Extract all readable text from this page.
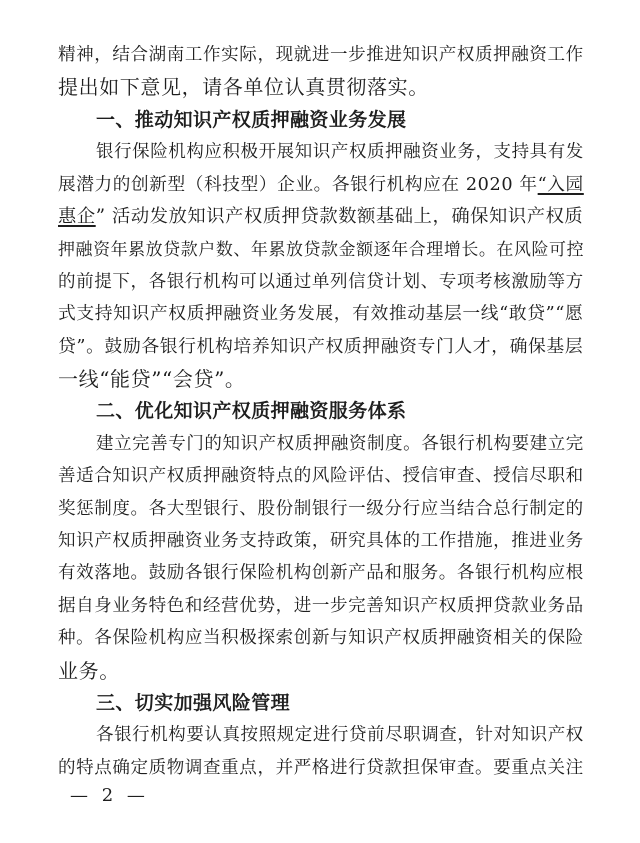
精神，结合湖南工作实际，现就进一步推进知识产权质押融资工作
提出如下意见，请各单位认真贯彻落实。
一、推动知识产权质押融资业务发展
银行保险机构应积极开展知识产权质押融资业务，支持具有发
展潜力的创新型（科技型）企业。各银行机构应在 2020 年“入园
惠企” 活动发放知识产权质押贷款数额基础上，确保知识产权质
押融资年累放贷款户数、年累放贷款金额逐年合理增长。在风险可控
的前提下，各银行机构可以通过单列信贷计划、专项考核激励等方
式支持知识产权质押融资业务发展，有效推动基层一线“敢贷”“愿
贷”。鼓励各银行机构培养知识产权质押融资专门人才，确保基层
一线“能贷”“会贷”。
二、优化知识产权质押融资服务体系
建立完善专门的知识产权质押融资制度。各银行机构要建立完
善适合知识产权质押融资特点的风险评估、授信审查、授信尽职和
奖惩制度。各大型银行、股份制银行一级分行应当结合总行制定的
知识产权质押融资业务支持政策，研究具体的工作措施，推进业务
有效落地。鼓励各银行保险机构创新产品和服务。各银行机构应根
据自身业务特色和经营优势，进一步完善知识产权质押贷款业务品
种。各保险机构应当积极探索创新与知识产权质押融资相关的保险
业务。
三、切实加强风险管理
各银行机构要认真按照规定进行贷前尽职调查，针对知识产权
的特点确定质物调查重点，并严格进行贷款担保审查。要重点关注
— 2 —
